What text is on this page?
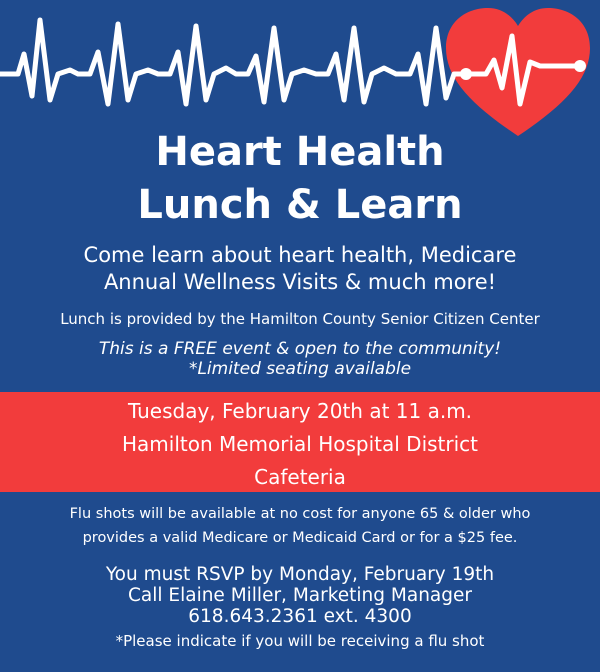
Heart Health
Lunch & Learn
Come learn about heart health, Medicare
Annual Wellness Visits & much more!
Lunch is provided by the Hamilton County Senior Citizen Center
This is a FREE event & open to the community!
*Limited seating available
Tuesday, February 20th at 11 a.m.
Hamilton Memorial Hospital District
Cafeteria
Flu shots will be available at no cost for anyone 65 & older who
provides a valid Medicare or Medicaid Card or for a $25 fee.
You must RSVP by Monday, February 19th
Call Elaine Miller, Marketing Manager
618.643.2361 ext. 4300
*Please indicate if you will be receiving a flu shot
